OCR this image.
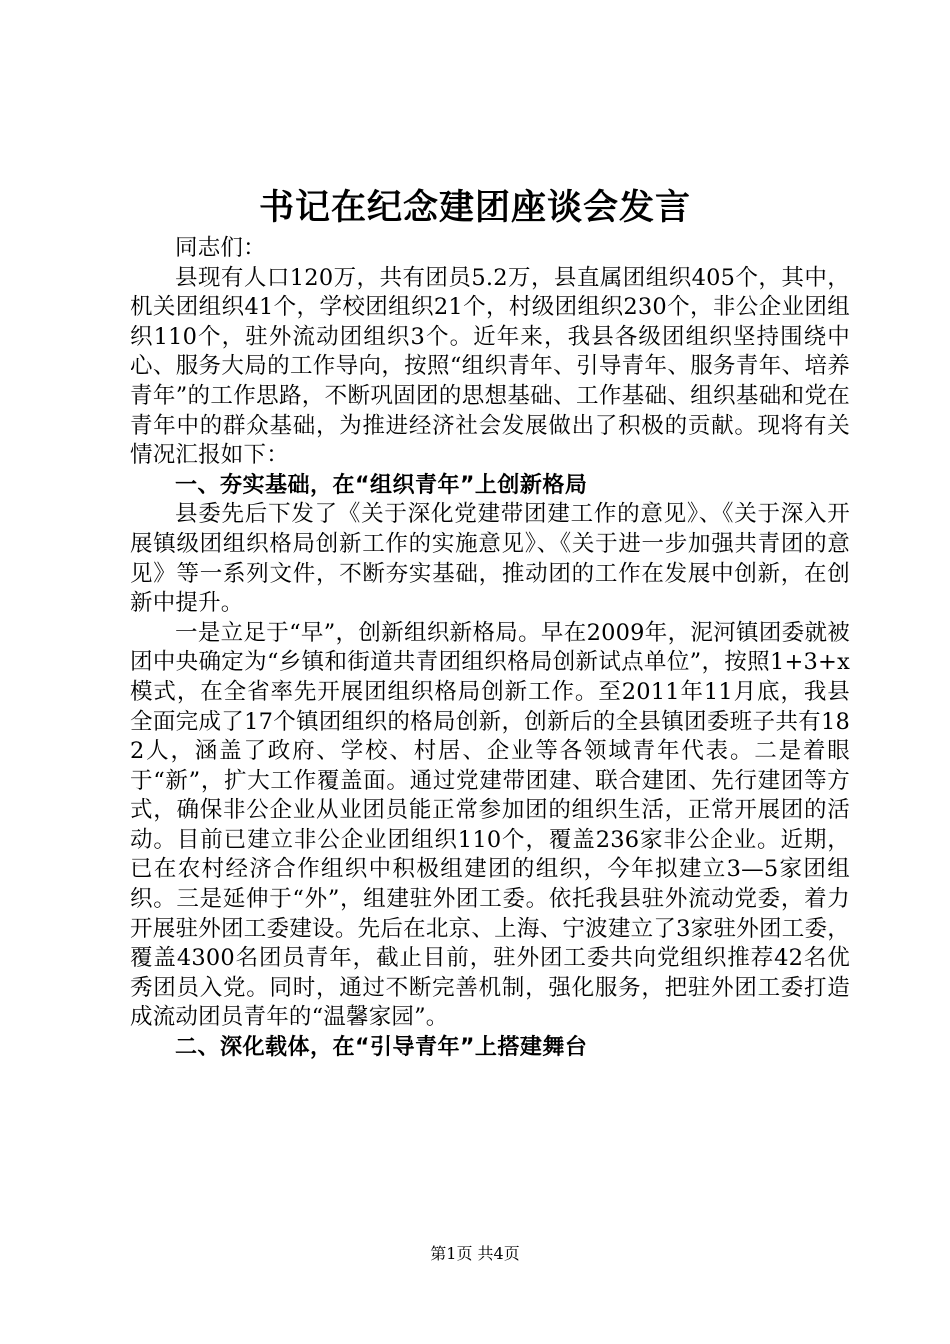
书记在纪念建团座谈会发言

同志们：

县现有人口120万，共有团员5.2万，县直属团组织405个，其中，机关团组织41个，学校团组织21个，村级团组织230个，非公企业团组织110个，驻外流动团组织3个。近年来，我县各级团组织坚持围绕中心、服务大局的工作导向，按照“组织青年、引导青年、服务青年、培养青年”的工作思路，不断巩固团的思想基础、工作基础、组织基础和党在青年中的群众基础，为推进经济社会发展做出了积极的贡献。现将有关情况汇报如下：

一、夯实基础，在“组织青年”上创新格局

县委先后下发了《关于深化党建带团建工作的意见》、《关于深入开展镇级团组织格局创新工作的实施意见》、《关于进一步加强共青团的意见》等一系列文件，不断夯实基础，推动团的工作在发展中创新，在创新中提升。

一是立足于“早”，创新组织新格局。早在2009年，泥河镇团委就被团中央确定为“乡镇和街道共青团组织格局创新试点单位”，按照1+3+x模式，在全省率先开展团组织格局创新工作。至2011年11月底，我县全面完成了17个镇团组织的格局创新，创新后的全县镇团委班子共有182人，涵盖了政府、学校、村居、企业等各领域青年代表。二是着眼于“新”，扩大工作覆盖面。通过党建带团建、联合建团、先行建团等方式，确保非公企业从业团员能正常参加团的组织生活，正常开展团的活动。目前已建立非公企业团组织110个，覆盖236家非公企业。近期，已在农村经济合作组织中积极组建团的组织，今年拟建立3—5家团组织。三是延伸于“外”，组建驻外团工委。依托我县驻外流动党委，着力开展驻外团工委建设。先后在北京、上海、宁波建立了3家驻外团工委，覆盖4300名团员青年，截止目前，驻外团工委共向党组织推荐42名优秀团员入党。同时，通过不断完善机制，强化服务，把驻外团工委打造成流动团员青年的“温馨家园”。

二、深化载体，在“引导青年”上搭建舞台

第1页 共4页
